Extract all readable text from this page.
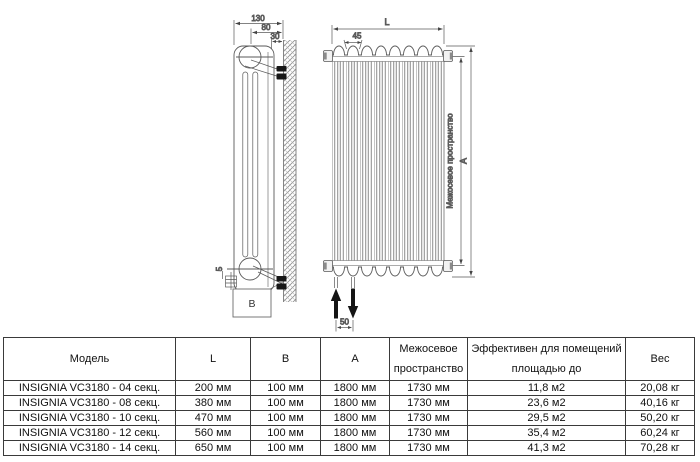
5
B
130
80
30
L
45
Межосевое пространство A
50
Модель	L	B	A	Межосевое пространство	Эффективен для помещений площадью до	Вес
INSIGNIA VC3180 - 04 секц.	200 мм	100 мм	1800 мм	1730 мм	11,8 м2	20,08 кг
INSIGNIA VC3180 - 08 секц.	380 мм	100 мм	1800 мм	1730 мм	23,6 м2	40,16 кг
INSIGNIA VC3180 - 10 секц.	470 мм	100 мм	1800 мм	1730 мм	29,5 м2	50,20 кг
INSIGNIA VC3180 - 12 секц.	560 мм	100 мм	1800 мм	1730 мм	35,4 м2	60,24 кг
INSIGNIA VC3180 - 14 секц.	650 мм	100 мм	1800 мм	1730 мм	41,3 м2	70,28 кг
